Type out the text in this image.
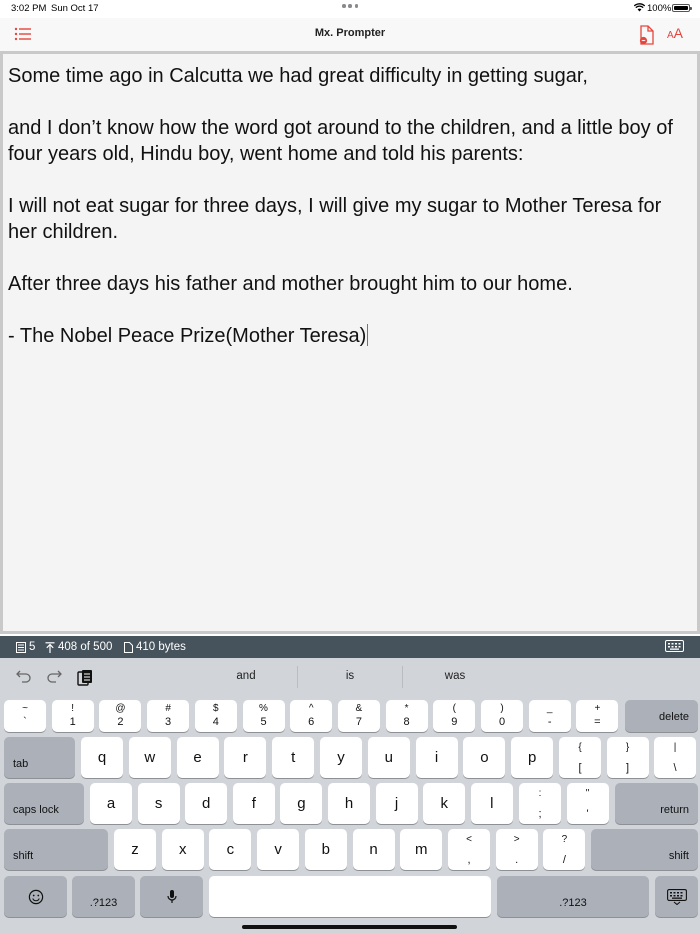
3:02 PM Sun Oct 17	100%
Mx. Prompter	AA

Some time ago in Calcutta we had great difficulty in getting sugar,

and I don’t know how the word got around to the children, and a little boy of four years old, Hindu boy, went home and told his parents:

I will not eat sugar for three days, I will give my sugar to Mother Teresa for her children.

After three days his father and mother brought him to our home.

- The Nobel Peace Prize(Mother Teresa)

5 408 of 500 410 bytes
and	is	was
~
`
!
1
@
2
#
3
$
4
%
5
^
6
&
7
*
8
(
9
)
0
_
-
+
=	delete
tab	q	w	e	r	t	y	u	i	o	p
{
[
}
]
|
\
caps lock	a	s	d	f	g	h	j	k	l
:
;
"
'	return
shift	z	x	c	v	b	n	m
<
,
>
.
?
/	shift
.?123	.?123
